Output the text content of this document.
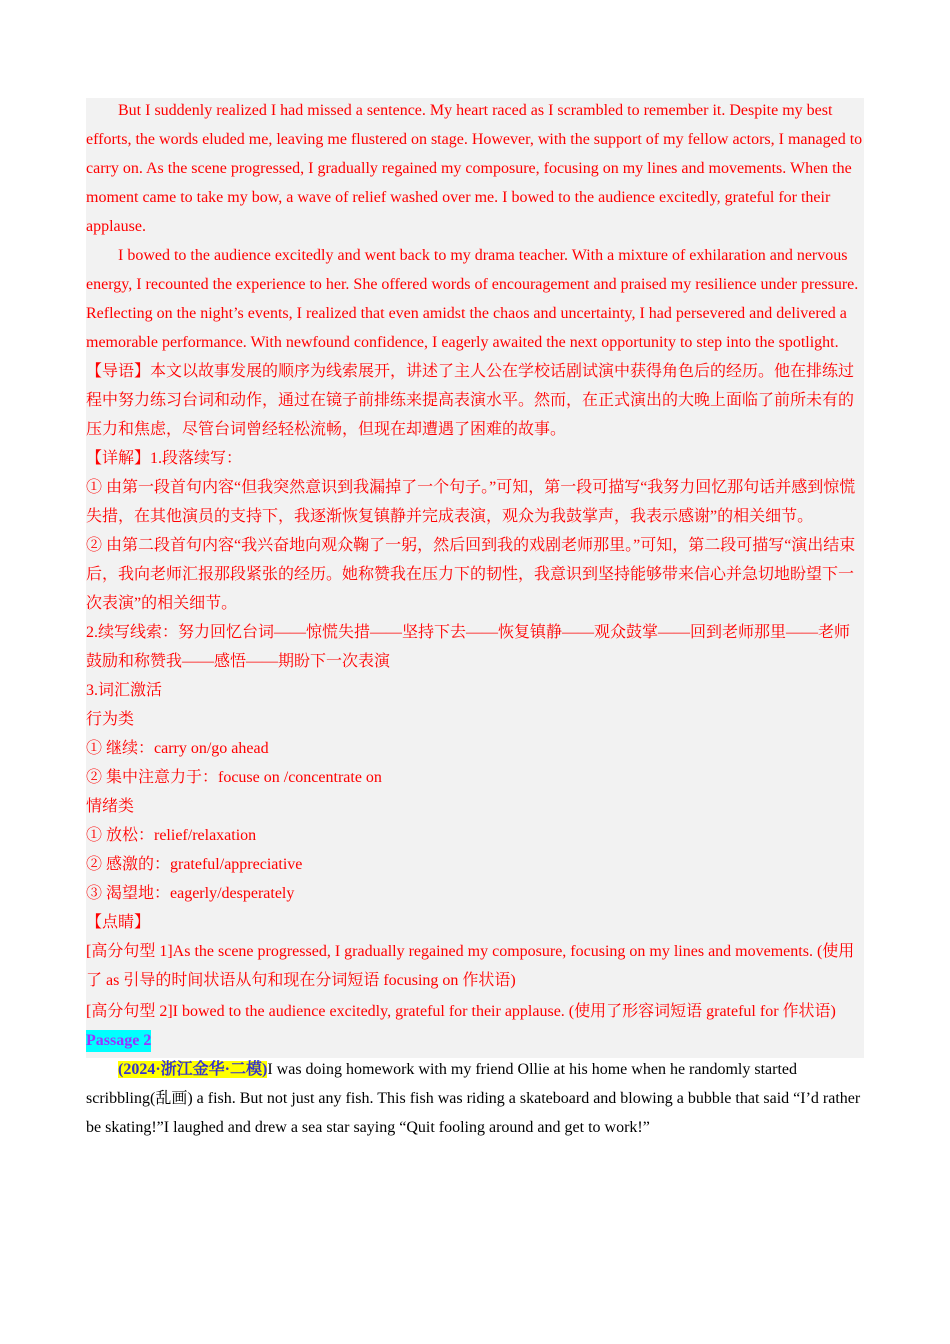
But I suddenly realized I had missed a sentence. My heart raced as I scrambled to remember it. Despite my best efforts, the words eluded me, leaving me flustered on stage. However, with the support of my fellow actors, I managed to carry on. As the scene progressed, I gradually regained my composure, focusing on my lines and movements. When the moment came to take my bow, a wave of relief washed over me. I bowed to the audience excitedly, grateful for their applause.

I bowed to the audience excitedly and went back to my drama teacher. With a mixture of exhilaration and nervous energy, I recounted the experience to her. She offered words of encouragement and praised my resilience under pressure. Reflecting on the night’s events, I realized that even amidst the chaos and uncertainty, I had persevered and delivered a memorable performance. With newfound confidence, I eagerly awaited the next opportunity to step into the spotlight.

【导语】本文以故事发展的顺序为线索展开，讲述了主人公在学校话剧试演中获得角色后的经历。他在排练过程中努力练习台词和动作，通过在镜子前排练来提高表演水平。然而，在正式演出的大晚上面临了前所未有的压力和焦虑，尽管台词曾经轻松流畅，但现在却遭遇了困难的故事。

【详解】1.段落续写：

① 由第一段首句内容“但我突然意识到我漏掉了一个句子。”可知，第一段可描写“我努力回忆那句话并感到惊慌失措，在其他演员的支持下，我逐渐恢复镇静并完成表演，观众为我鼓掌声，我表示感谢”的相关细节。

② 由第二段首句内容“我兴奋地向观众鞠了一躬，然后回到我的戏剧老师那里。”可知，第二段可描写“演出结束后，我向老师汇报那段紧张的经历。她称赞我在压力下的韧性，我意识到坚持能够带来信心并急切地盼望下一次表演”的相关细节。

2.续写线索：努力回忆台词——惊慌失措——坚持下去——恢复镇静——观众鼓掌——回到老师那里——老师鼓励和称赞我——感悟——期盼下一次表演

3.词汇激活

行为类

① 继续：carry on/go ahead

② 集中注意力于：focuse on /concentrate on

情绪类

① 放松：relief/relaxation

② 感激的：grateful/appreciative

③ 渴望地：eagerly/desperately

【点睛】

[高分句型 1]As the scene progressed, I gradually regained my composure, focusing on my lines and movements. (使用了 as 引导的时间状语从句和现在分词短语 focusing on 作状语)

[高分句型 2]I bowed to the audience excitedly, grateful for their applause. (使用了形容词短语 grateful for 作状语)

Passage 2

(2024·浙江金华·二模)I was doing homework with my friend Ollie at his home when he randomly started scribbling(乱画) a fish. But not just any fish. This fish was riding a skateboard and blowing a bubble that said “I’d rather be skating!”I laughed and drew a sea star saying “Quit fooling around and get to work!”
